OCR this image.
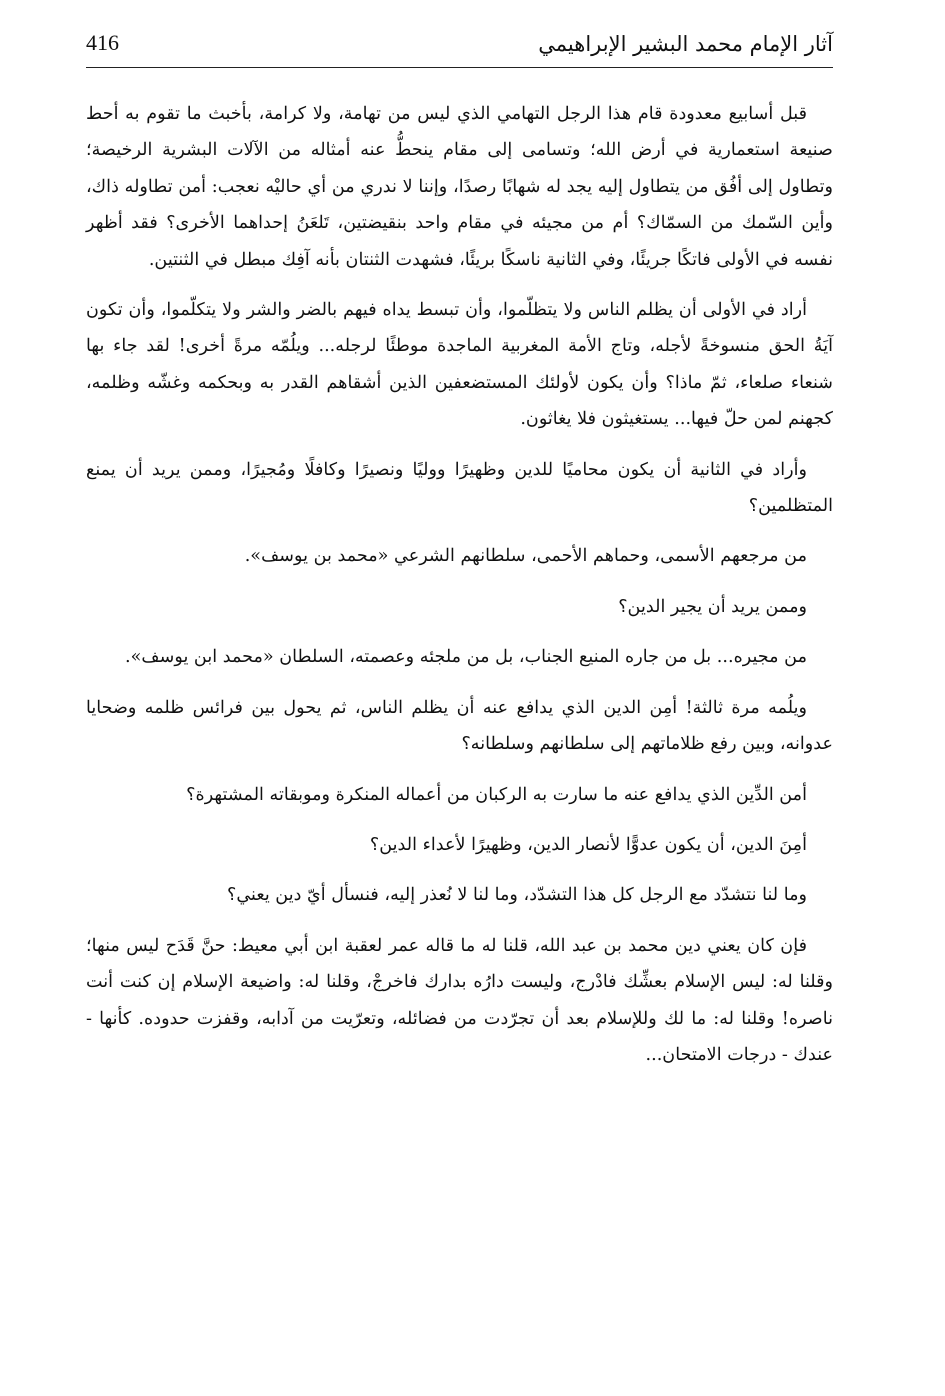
آثار الإمام محمد البشير الإبراهيمي
416

قبل أسابيع معدودة قام هذا الرجل التهامي الذي ليس من تهامة، ولا كرامة، بأخبث ما تقوم به أحط صنيعة استعمارية في أرض الله؛ وتسامى إلى مقام ينحطُّ عنه أمثاله من الآلات البشرية الرخيصة؛ وتطاول إلى أفُق من يتطاول إليه يجد له شهابًا رصدًا، وإننا لا ندري من أي حاليْه نعجب: أمن تطاوله ذاك، وأين السّمك من السمّاك؟ أم من مجيئه في مقام واحد بنقيضتين، تَلعَنُ إحداهما الأخرى؟ فقد أظهر نفسه في الأولى فاتكًا جريئًا، وفي الثانية ناسكًا بريئًا، فشهدت الثنتان بأنه آفِك مبطل في الثنتين.

أراد في الأولى أن يظلم الناس ولا يتظلّموا، وأن تبسط يداه فيهم بالضر والشر ولا يتكلّموا، وأن تكون آيَةُ الحق منسوخةً لأجله، وتاج الأمة المغربية الماجدة موطئًا لرجله... ويلُمّه مرةً أخرى! لقد جاء بها شنعاء صلعاء، ثمّ ماذا؟ وأن يكون لأولئك المستضعفين الذين أشقاهم القدر به وبحكمه وغشّه وظلمه، كجهنم لمن حلّ فيها... يستغيثون فلا يغاثون.

وأراد في الثانية أن يكون محاميًا للدين وظهيرًا ووليًا ونصيرًا وكافلًا ومُجيرًا، وممن يريد أن يمنع المتظلمين؟

من مرجعهم الأسمى، وحماهم الأحمى، سلطانهم الشرعي «محمد بن يوسف».

وممن يريد أن يجير الدين؟

من مجيره... بل من جاره المنيع الجناب، بل من ملجئه وعصمته، السلطان «محمد ابن يوسف».

ويلُمه مرة ثالثة! أمِن الدين الذي يدافع عنه أن يظلم الناس، ثم يحول بين فرائس ظلمه وضحايا عدوانه، وبين رفع ظلاماتهم إلى سلطانهم وسلطانه؟

أمن الدِّين الذي يدافع عنه ما سارت به الركبان من أعماله المنكرة وموبقاته المشتهرة؟

أمِنَ الدين، أن يكون عدوًّا لأنصار الدين، وظهيرًا لأعداء الدين؟

وما لنا نتشدّد مع الرجل كل هذا التشدّد، وما لنا لا نُعذر إليه، فنسأل أيّ دين يعني؟

فإن كان يعني دين محمد بن عبد الله، قلنا له ما قاله عمر لعقبة ابن أبي معيط: حنَّ قَدَح ليس منها؛ وقلنا له: ليس الإسلام بعشِّك فادْرج، وليست دارُه بدارك فاخرجْ، وقلنا له: واضيعة الإسلام إن كنت أنت ناصره! وقلنا له: ما لك وللإسلام بعد أن تجرّدت من فضائله، وتعرّيت من آدابه، وقفزت حدوده. كأنها - عندك - درجات الامتحان...
